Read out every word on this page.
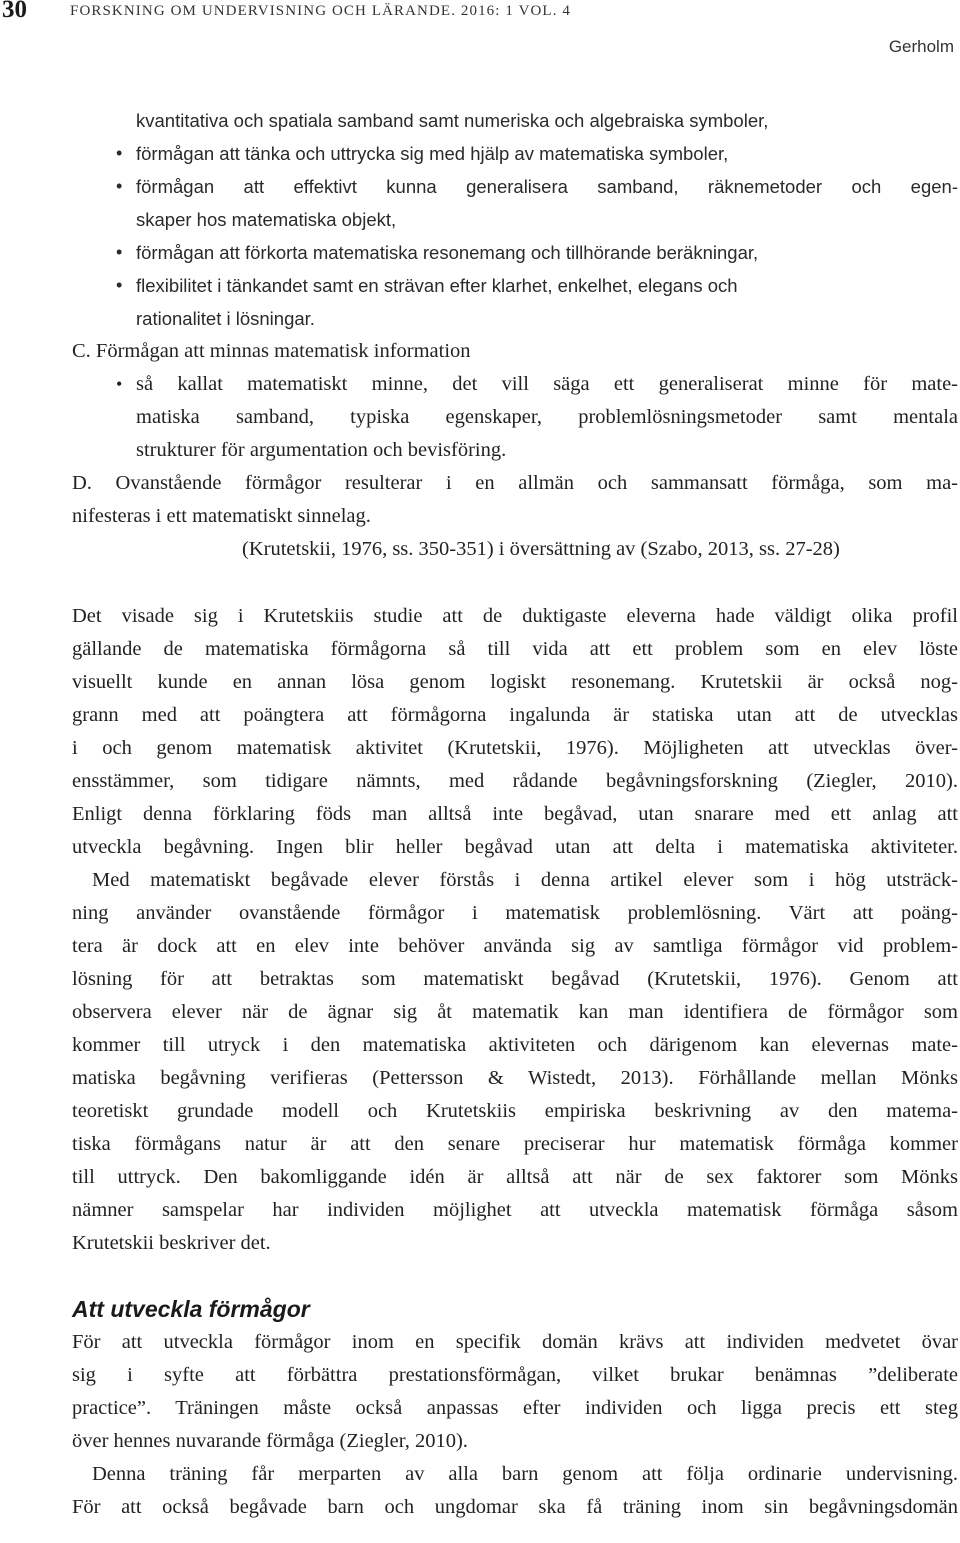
30	FORSKNING OM UNDERVISNING OCH LÄRANDE. 2016: 1 VOL. 4
Gerholm
kvantitativa och spatiala samband samt numeriska och algebraiska symboler,
• förmågan att tänka och uttrycka sig med hjälp av matematiska symboler,
• förmågan att effektivt kunna generalisera samband, räknemetoder och egen-
skaper hos matematiska objekt,
• förmågan att förkorta matematiska resonemang och tillhörande beräkningar,
• flexibilitet i tänkandet samt en strävan efter klarhet, enkelhet, elegans och
rationalitet i lösningar.
C. Förmågan att minnas matematisk information
• så kallat matematiskt minne, det vill säga ett generaliserat minne för mate-
matiska samband, typiska egenskaper, problemlösningsmetoder samt mentala
strukturer för argumentation och bevisföring.
D. Ovanstående förmågor resulterar i en allmän och sammansatt förmåga, som ma-
nifesteras i ett matematiskt sinnelag.
(Krutetskii, 1976, ss. 350-351) i översättning av (Szabo, 2013, ss. 27-28)
Det visade sig i Krutetskiis studie att de duktigaste eleverna hade väldigt olika profil
gällande de matematiska förmågorna så till vida att ett problem som en elev löste
visuellt kunde en annan lösa genom logiskt resonemang. Krutetskii är också nog-
grann med att poängtera att förmågorna ingalunda är statiska utan att de utvecklas
i och genom matematisk aktivitet (Krutetskii, 1976). Möjligheten att utvecklas över-
ensstämmer, som tidigare nämnts, med rådande begåvningsforskning (Ziegler, 2010).
Enligt denna förklaring föds man alltså inte begåvad, utan snarare med ett anlag att
utveckla begåvning. Ingen blir heller begåvad utan att delta i matematiska aktiviteter.
Med matematiskt begåvade elever förstås i denna artikel elever som i hög utsträck-
ning använder ovanstående förmågor i matematisk problemlösning. Värt att poäng-
tera är dock att en elev inte behöver använda sig av samtliga förmågor vid problem-
lösning för att betraktas som matematiskt begåvad (Krutetskii, 1976). Genom att
observera elever när de ägnar sig åt matematik kan man identifiera de förmågor som
kommer till utryck i den matematiska aktiviteten och därigenom kan elevernas mate-
matiska begåvning verifieras (Pettersson & Wistedt, 2013). Förhållande mellan Mönks
teoretiskt grundade modell och Krutetskiis empiriska beskrivning av den matema-
tiska förmågans natur är att den senare preciserar hur matematisk förmåga kommer
till uttryck. Den bakomliggande idén är alltså att när de sex faktorer som Mönks
nämner samspelar har individen möjlighet att utveckla matematisk förmåga såsom
Krutetskii beskriver det.
Att utveckla förmågor
För att utveckla förmågor inom en specifik domän krävs att individen medvetet övar
sig i syfte att förbättra prestationsförmågan, vilket brukar benämnas ”deliberate
practice”. Träningen måste också anpassas efter individen och ligga precis ett steg
över hennes nuvarande förmåga (Ziegler, 2010).
Denna träning får merparten av alla barn genom att följa ordinarie undervisning.
För att också begåvade barn och ungdomar ska få träning inom sin begåvningsdomän
